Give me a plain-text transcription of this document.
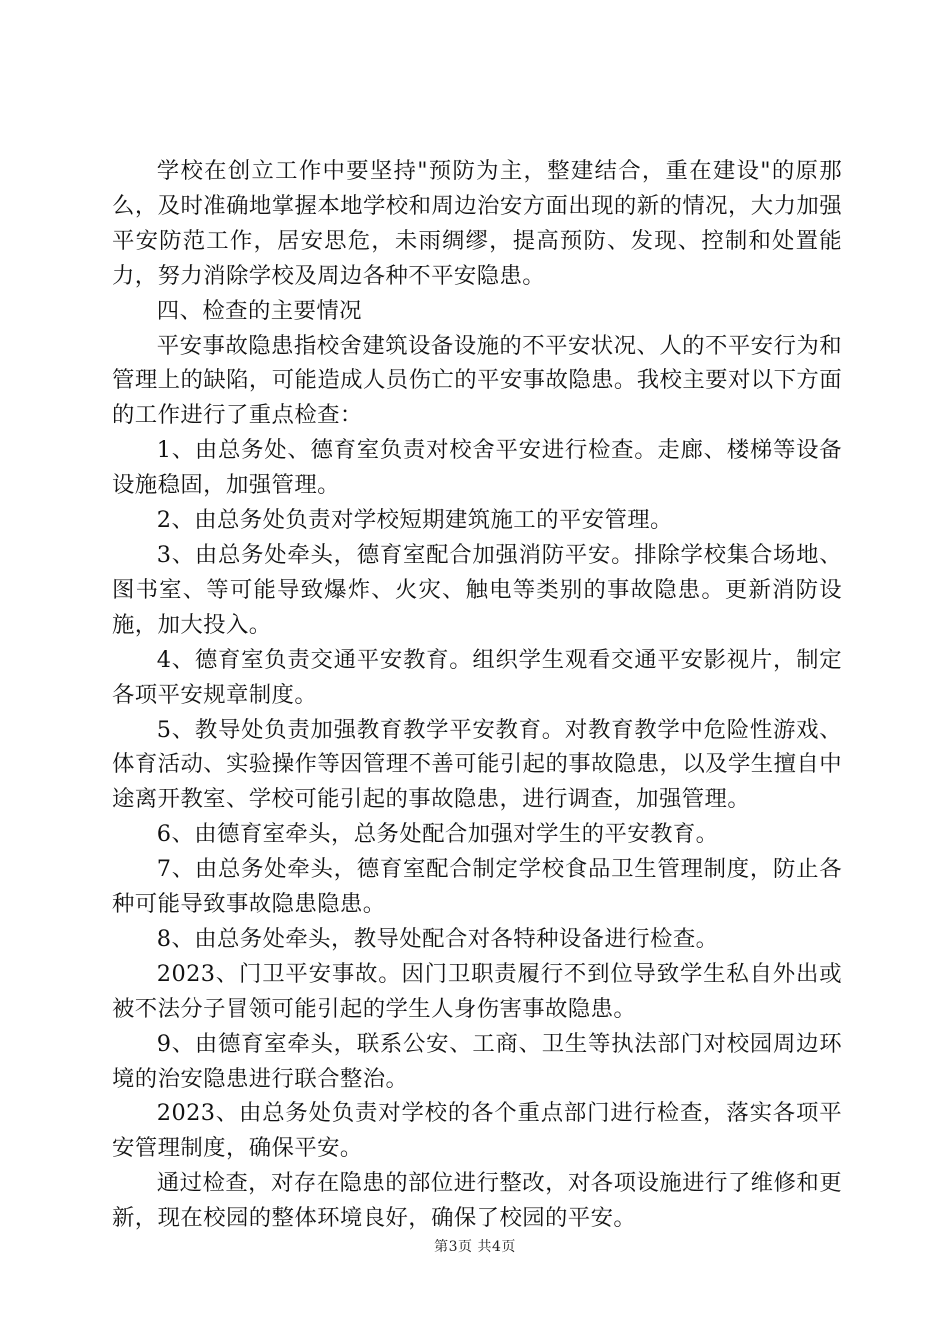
学校在创立工作中要坚持"预防为主，整建结合，重在建设"的原那么，及时准确地掌握本地学校和周边治安方面出现的新的情况，大力加强平安防范工作，居安思危，未雨绸缪，提高预防、发现、控制和处置能力，努力消除学校及周边各种不平安隐患。

四、检查的主要情况

平安事故隐患指校舍建筑设备设施的不平安状况、人的不平安行为和管理上的缺陷，可能造成人员伤亡的平安事故隐患。我校主要对以下方面的工作进行了重点检查：

1、由总务处、德育室负责对校舍平安进行检查。走廊、楼梯等设备设施稳固，加强管理。

2、由总务处负责对学校短期建筑施工的平安管理。

3、由总务处牵头，德育室配合加强消防平安。排除学校集合场地、图书室、等可能导致爆炸、火灾、触电等类别的事故隐患。更新消防设施，加大投入。

4、德育室负责交通平安教育。组织学生观看交通平安影视片，制定各项平安规章制度。

5、教导处负责加强教育教学平安教育。对教育教学中危险性游戏、体育活动、实验操作等因管理不善可能引起的事故隐患，以及学生擅自中途离开教室、学校可能引起的事故隐患，进行调查，加强管理。

6、由德育室牵头，总务处配合加强对学生的平安教育。

7、由总务处牵头，德育室配合制定学校食品卫生管理制度，防止各种可能导致事故隐患隐患。

8、由总务处牵头，教导处配合对各特种设备进行检查。

2023、门卫平安事故。因门卫职责履行不到位导致学生私自外出或被不法分子冒领可能引起的学生人身伤害事故隐患。

9、由德育室牵头，联系公安、工商、卫生等执法部门对校园周边环境的治安隐患进行联合整治。

2023、由总务处负责对学校的各个重点部门进行检查，落实各项平安管理制度，确保平安。

通过检查，对存在隐患的部位进行整改，对各项设施进行了维修和更新，现在校园的整体环境良好，确保了校园的平安。

第3页 共4页
